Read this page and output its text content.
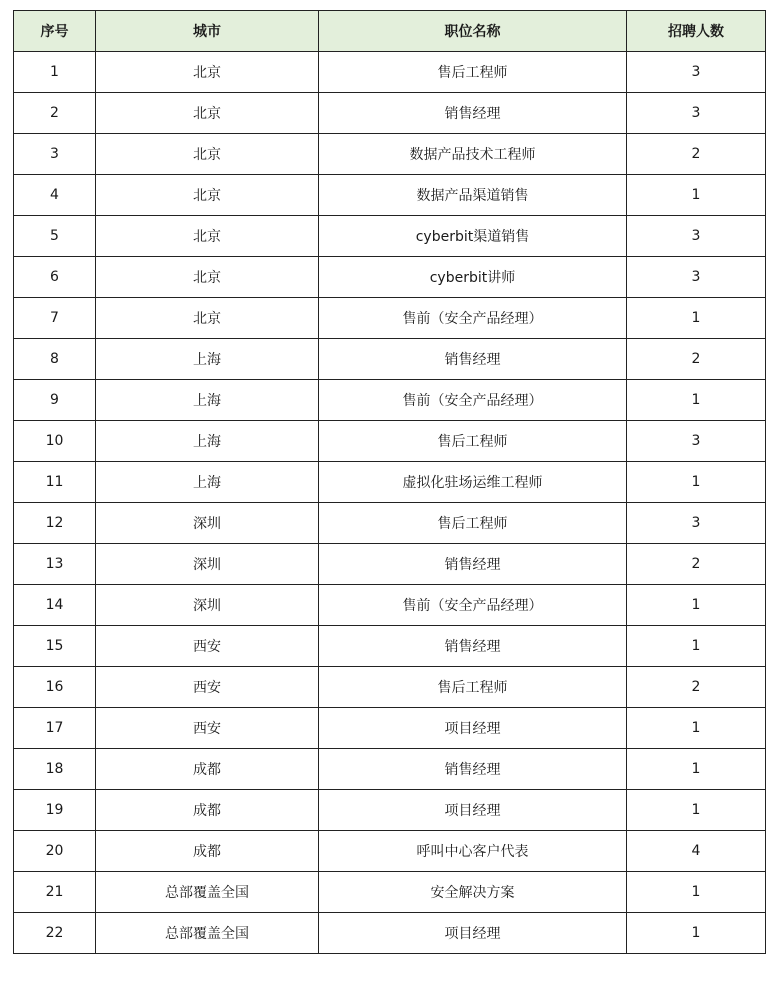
序号	城市	职位名称	招聘人数
1	北京	售后工程师	3
2	北京	销售经理	3
3	北京	数据产品技术工程师	2
4	北京	数据产品渠道销售	1
5	北京	cyberbit渠道销售	3
6	北京	cyberbit讲师	3
7	北京	售前（安全产品经理）	1
8	上海	销售经理	2
9	上海	售前（安全产品经理）	1
10	上海	售后工程师	3
11	上海	虚拟化驻场运维工程师	1
12	深圳	售后工程师	3
13	深圳	销售经理	2
14	深圳	售前（安全产品经理）	1
15	西安	销售经理	1
16	西安	售后工程师	2
17	西安	项目经理	1
18	成都	销售经理	1
19	成都	项目经理	1
20	成都	呼叫中心客户代表	4
21	总部覆盖全国	安全解决方案	1
22	总部覆盖全国	项目经理	1
